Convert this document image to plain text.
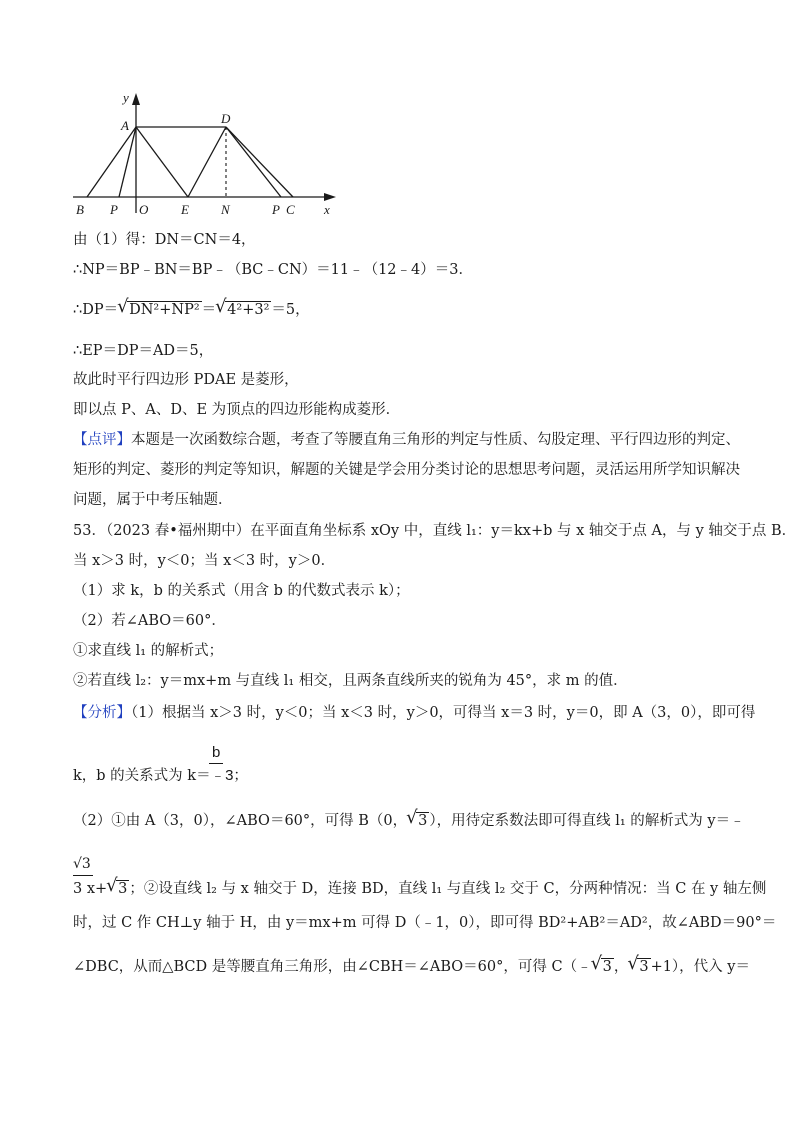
y
x
A	D
B P O	E N	P C
由（1）得：DN＝CN＝4，
∴NP＝BP﹣BN＝BP﹣（BC﹣CN）＝11﹣（12﹣4）＝3．
∴DP＝ √ DN²+NP² ＝ √ 4²+3² ＝5，
∴EP＝DP＝AD＝5，
故此时平行四边形 PDAE 是菱形，
即以点 P、A、D、E 为顶点的四边形能构成菱形．
【点评】本题是一次函数综合题，考查了等腰直角三角形的判定与性质、勾股定理、平行四边形的判定、
矩形的判定、菱形的判定等知识，解题的关键是学会用分类讨论的思想思考问题，灵活运用所学知识解决
问题，属于中考压轴题．
53．（2023 春•福州期中）在平面直角坐标系 xOy 中，直线 l₁：y＝kx+b 与 x 轴交于点 A，与 y 轴交于点 B．
当 x＞3 时，y＜0；当 x＜3 时，y＞0．
（1）求 k，b 的关系式（用含 b 的代数式表示 k）；
（2）若∠ABO＝60°．
①求直线 l₁ 的解析式；
②若直线 l₂：y＝mx+m 与直线 l₁ 相交，且两条直线所夹的锐角为 45°，求 m 的值．
【分析】（1）根据当 x＞3 时，y＜0；当 x＜3 时，y＞0，可得当 x＝3 时，y＝0，即 A（3，0），即可得
b
k，b 的关系式为 k＝﹣3；
（2）①由 A（3，0），∠ABO＝60°，可得 B（0， √ 3 ），用待定系数法即可得直线 l₁ 的解析式为 y＝﹣
√3
3 x+ √ 3 ；②设直线 l₂ 与 x 轴交于 D，连接 BD，直线 l₁ 与直线 l₂ 交于 C，分两种情况：当 C 在 y 轴左侧
时，过 C 作 CH⊥y 轴于 H，由 y＝mx+m 可得 D（﹣1，0），即可得 BD²+AB²＝AD²，故∠ABD＝90°＝
∠DBC，从而△BCD 是等腰直角三角形，由∠CBH＝∠ABO＝60°，可得 C（﹣ √ 3 ， √ 3 +1），代入 y＝
